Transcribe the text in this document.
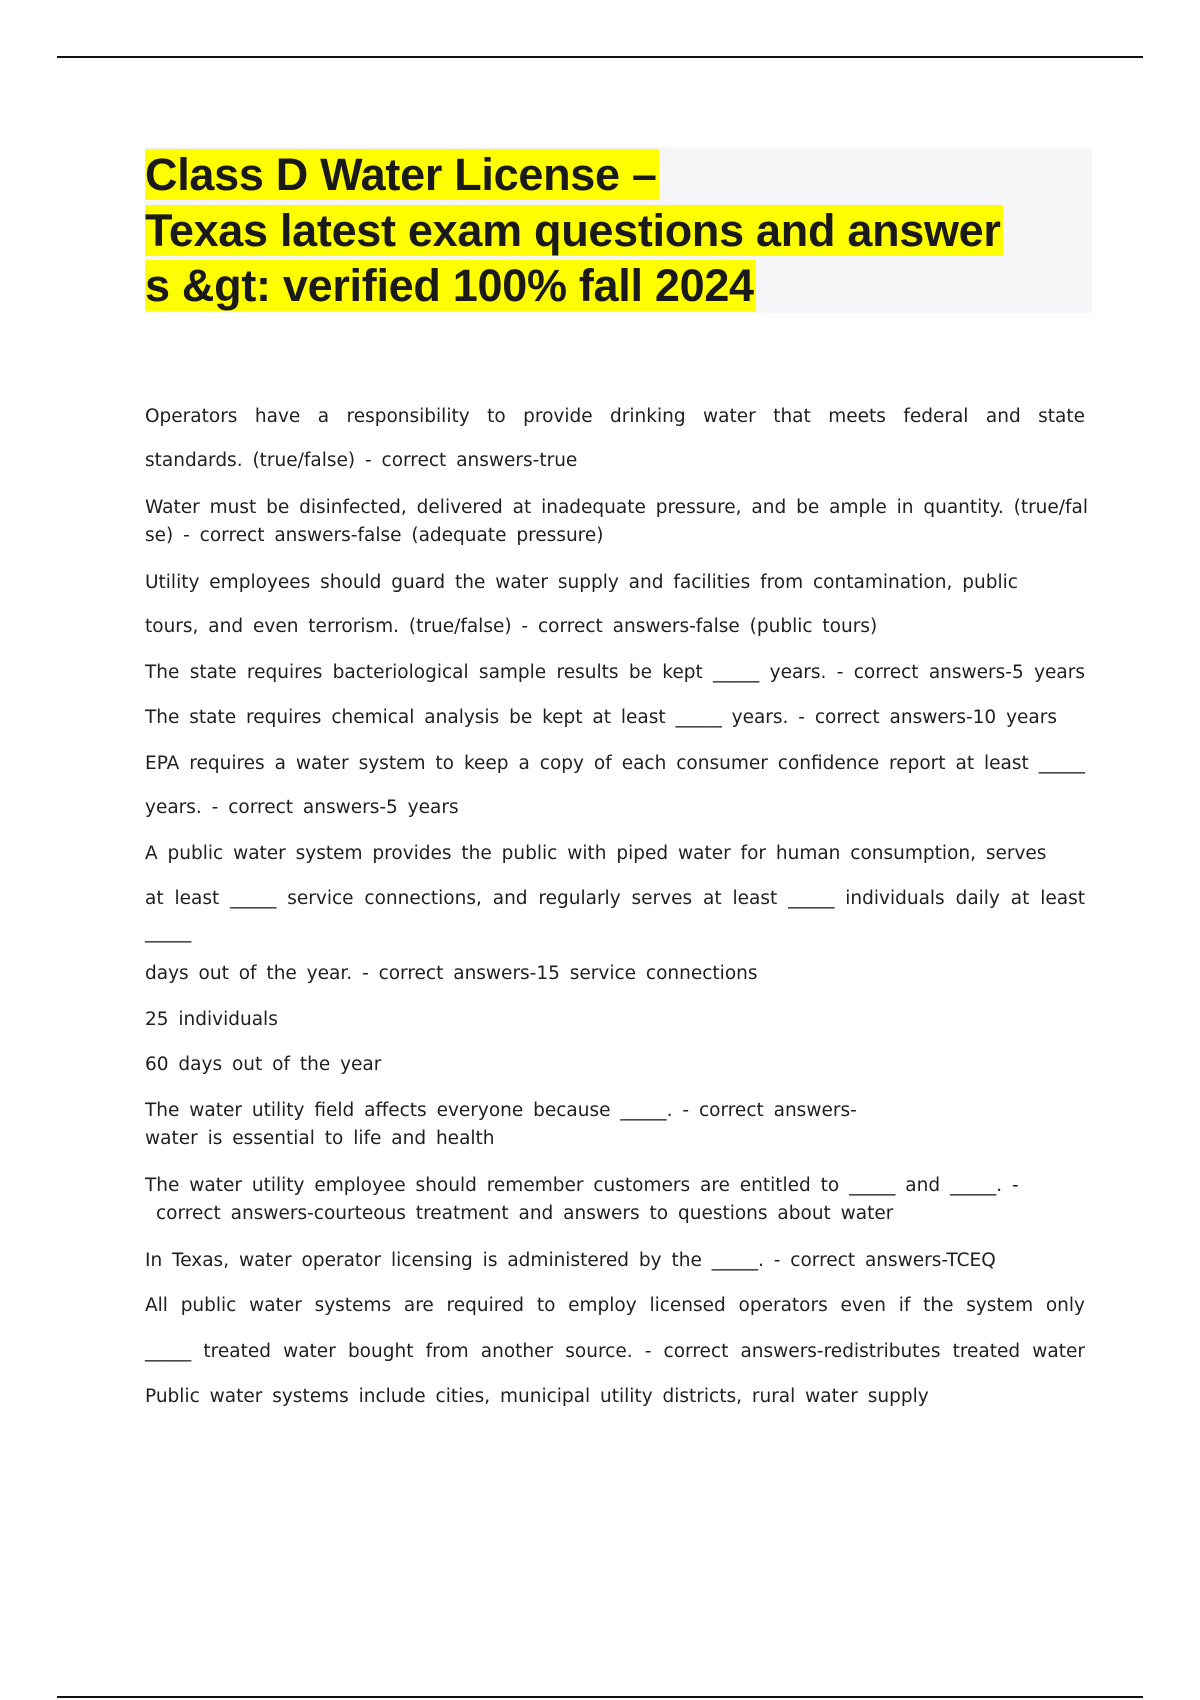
Class D Water License –
Texas latest exam questions and answer
s &gt: verified 100% fall 2024
Operators have a responsibility to provide drinking water that meets federal and state
standards. (true/false) - correct answers-true
Water must be disinfected, delivered at inadequate pressure, and be ample in quantity. (true/fal
se) - correct answers-false (adequate pressure)
Utility employees should guard the water supply and facilities from contamination, public
tours, and even terrorism. (true/false) - correct answers-false (public tours)
The state requires bacteriological sample results be kept _____ years. - correct answers-5 years
The state requires chemical analysis be kept at least _____ years. - correct answers-10 years
EPA requires a water system to keep a copy of each consumer confidence report at least _____
years. - correct answers-5 years
A public water system provides the public with piped water for human consumption, serves
at least _____ service connections, and regularly serves at least _____ individuals daily at least
_____
days out of the year. - correct answers-15 service connections
25 individuals
60 days out of the year
The water utility field affects everyone because _____. - correct answers-
water is essential to life and health
The water utility employee should remember customers are entitled to _____ and _____. -
correct answers-courteous treatment and answers to questions about water
In Texas, water operator licensing is administered by the _____. - correct answers-TCEQ
All public water systems are required to employ licensed operators even if the system only
_____ treated water bought from another source. - correct answers-redistributes treated water
Public water systems include cities, municipal utility districts, rural water supply
